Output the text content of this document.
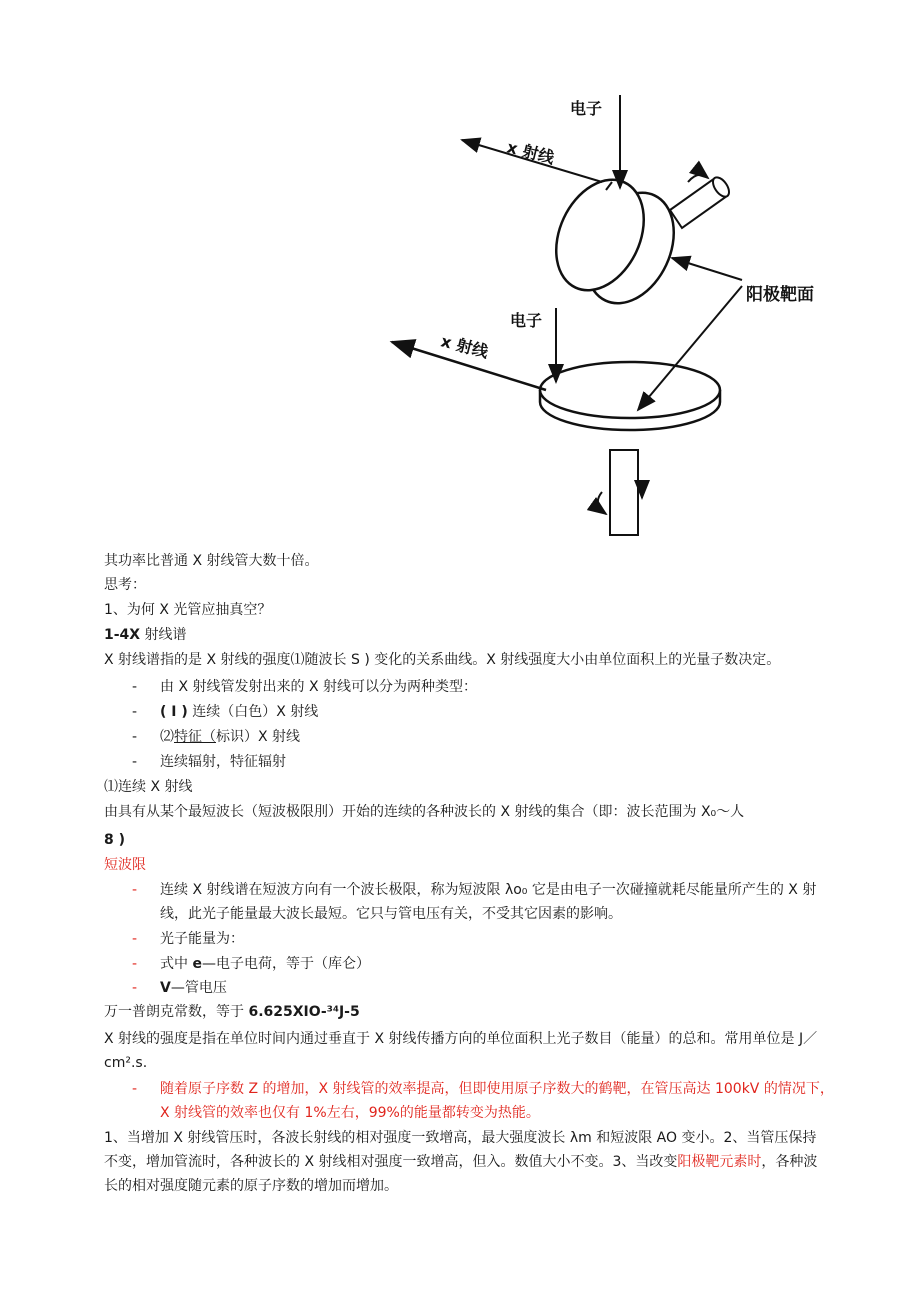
电子
x 射线
电子
x 射线
阳极靶面
其功率比普通 X 射线管大数十倍。
思考：
1、为何 X 光管应抽真空？
1-4X 射线谱
X 射线谱指的是 X 射线的强度⑴随波长 S ) 变化的关系曲线。X 射线强度大小由单位面积上的光量子数决定。
- 由 X 射线管发射出来的 X 射线可以分为两种类型：
- ( I ) 连续（白色）X 射线
- ⑵特征（标识）X 射线
- 连续辐射，特征辐射
⑴连续 X 射线
由具有从某个最短波长（短波极限刖）开始的连续的各种波长的 X 射线的集合（即：波长范围为 X₀〜人
8 )
短波限
- 连续 X 射线谱在短波方向有一个波长极限，称为短波限 λo₀ 它是由电子一次碰撞就耗尽能量所产生的 X 射线，此光子能量最大波长最短。它只与管电压有关，不受其它因素的影响。
- 光子能量为：
- 式中 e—电子电荷，等于（库仑）
- V—管电压
万一普朗克常数，等于 6.625XIO-³⁴J-5
X 射线的强度是指在单位时间内通过垂直于 X 射线传播方向的单位面积上光子数目（能量）的总和。常用单位是 J／cm².s.
- 随着原子序数 Z 的增加，X 射线管的效率提高，但即使用原子序数大的鹤靶，在管压高达 100kV 的情况下，X 射线管的效率也仅有 1%左右，99%的能量都转变为热能。
1、当增加 X 射线管压时，各波长射线的相对强度一致增高，最大强度波长 λm 和短波限 AO 变小。2、当管压保持不变，增加管流时，各种波长的 X 射线相对强度一致增高，但入。数值大小不变。3、当改变阳极靶元素时，各种波长的相对强度随元素的原子序数的增加而增加。
